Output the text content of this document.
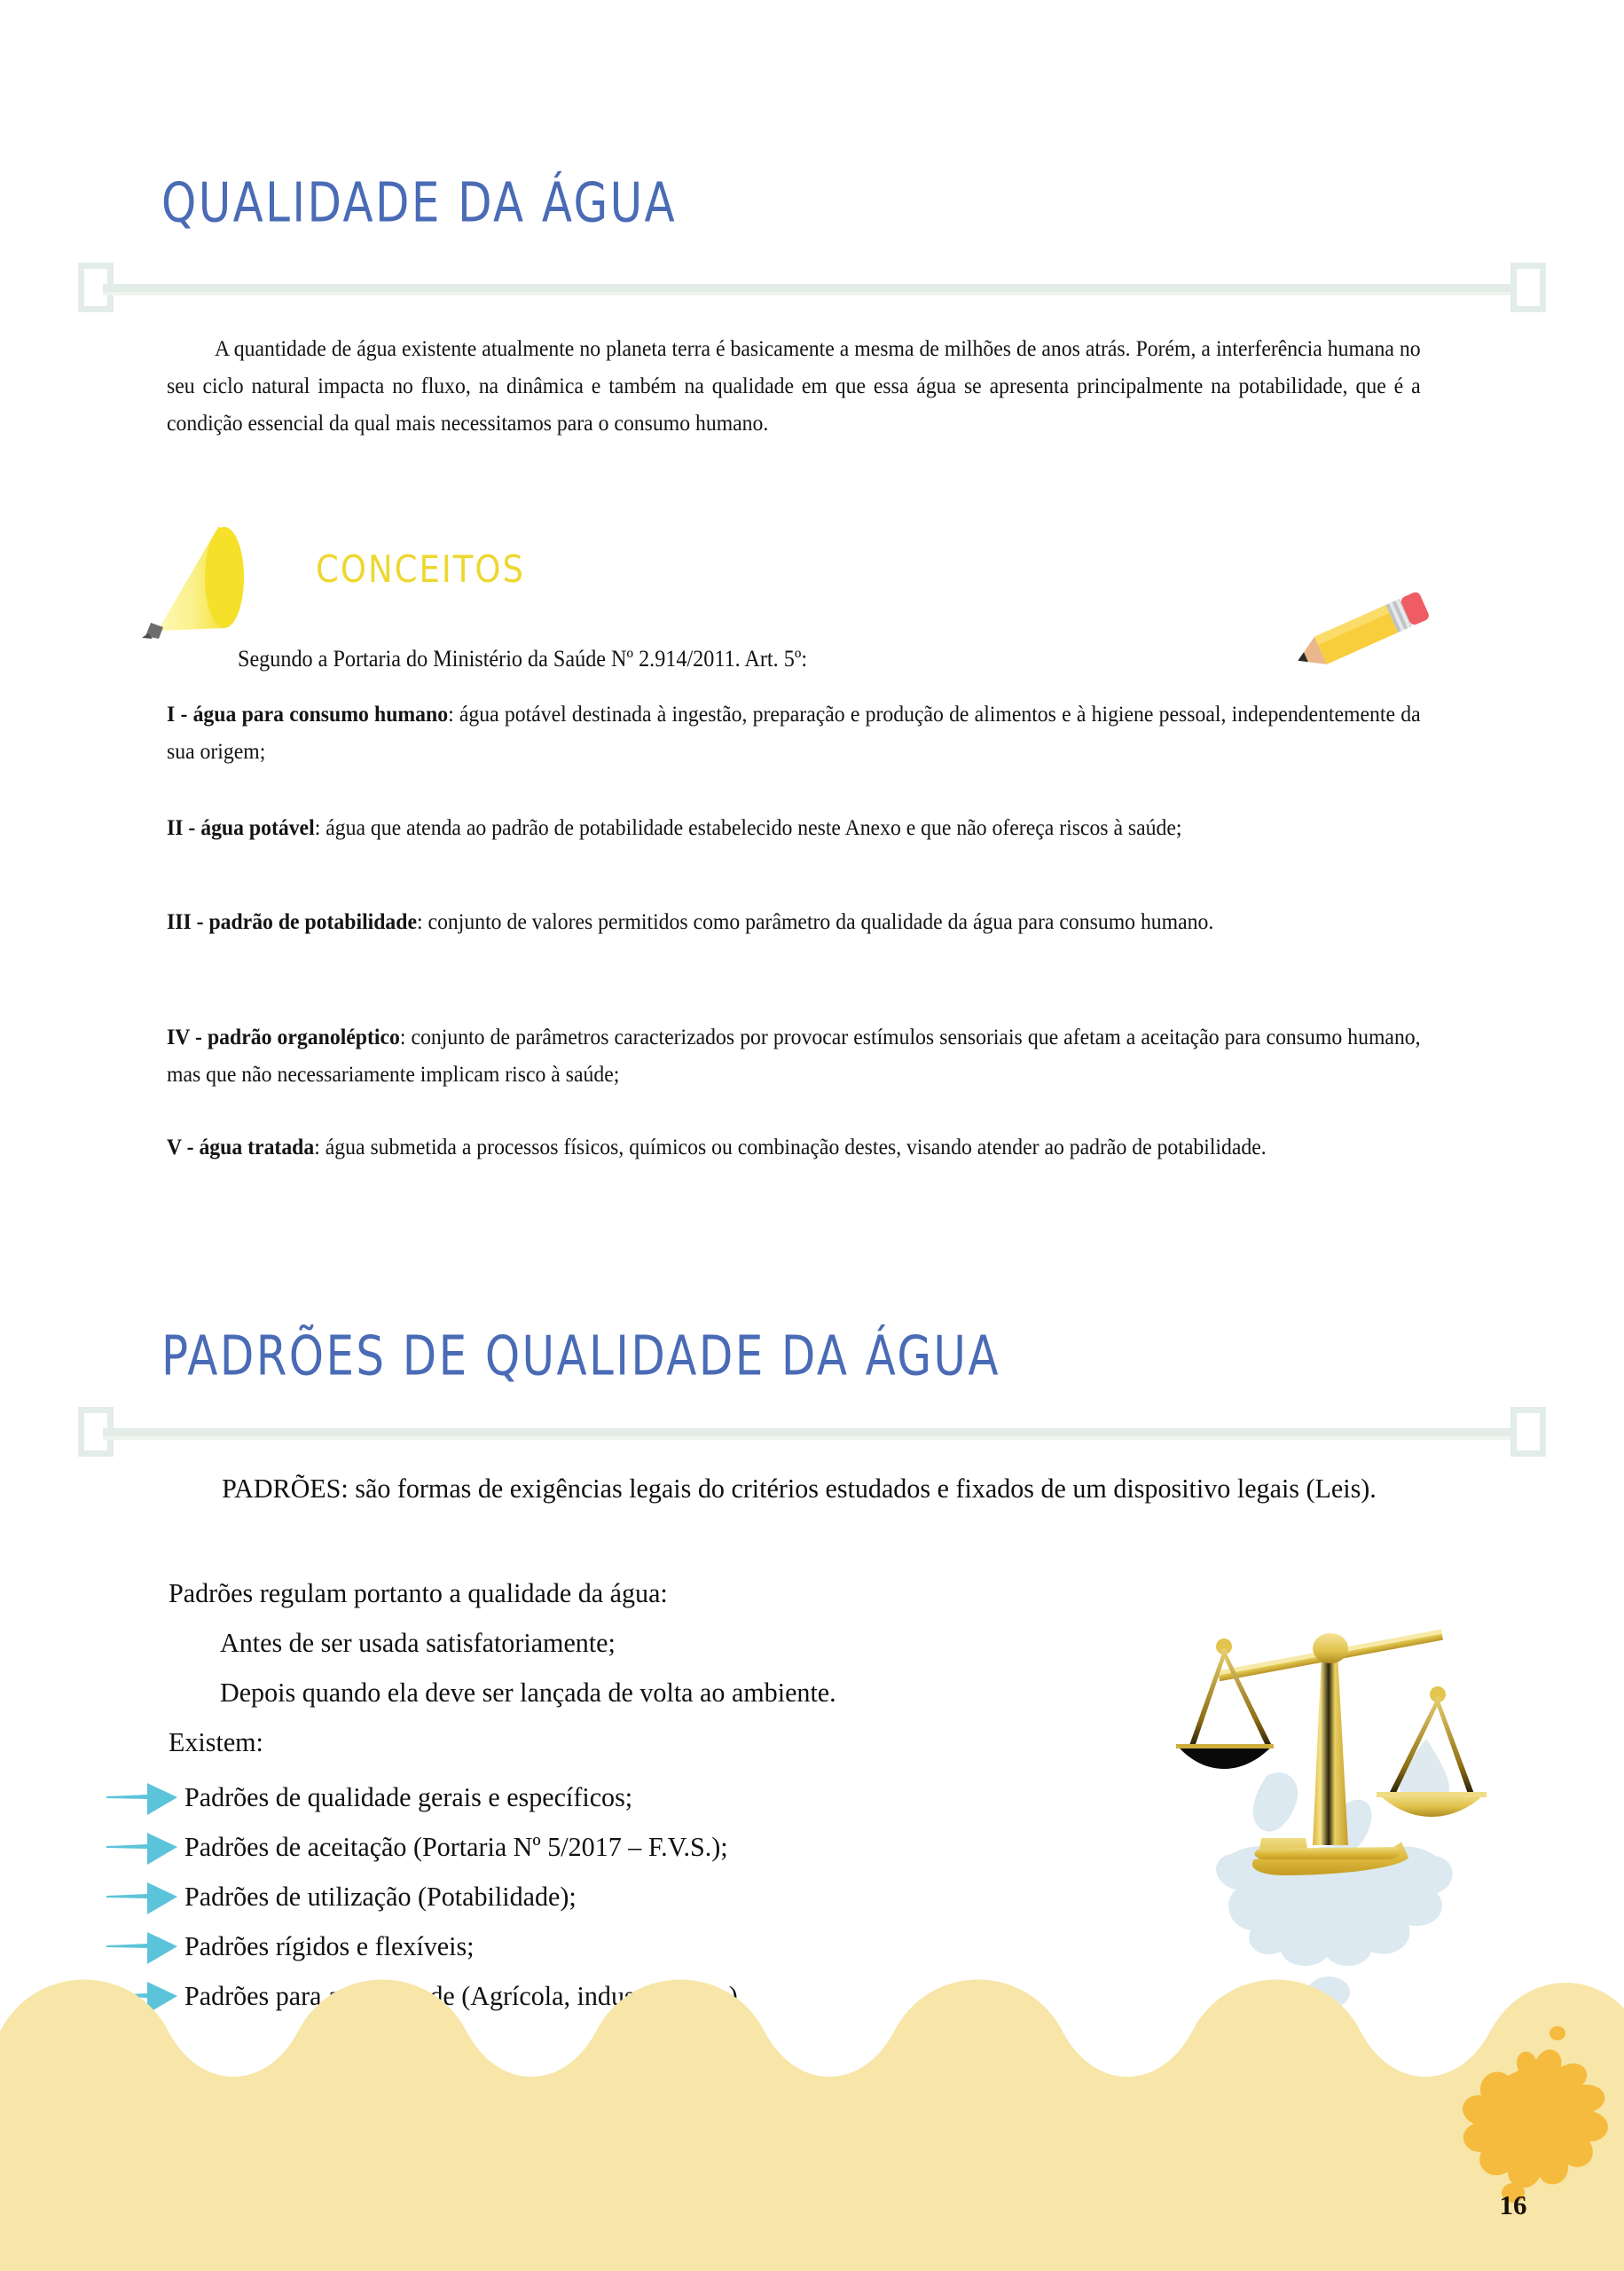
QUALIDADE DA ÁGUA
A quantidade de água existente atualmente no planeta terra é basicamente a mesma de milhões de anos atrás. Porém, a interferência humana no seu ciclo natural impacta no fluxo, na dinâmica e também na qualidade em que essa água se apresenta principalmente na potabilidade, que é a condição essencial da qual mais necessitamos para o consumo humano.
CONCEITOS
Segundo a Portaria do Ministério da Saúde Nº 2.914/2011. Art. 5º:
I - água para consumo humano: água potável destinada à ingestão, preparação e produção de alimentos e à higiene pessoal, independentemente da sua origem;
II - água potável: água que atenda ao padrão de potabilidade estabelecido neste Anexo e que não ofereça riscos à saúde;
III - padrão de potabilidade: conjunto de valores permitidos como parâmetro da qualidade da água para consumo humano.
IV - padrão organoléptico: conjunto de parâmetros caracterizados por provocar estímulos sensoriais que afetam a aceitação para consumo humano, mas que não necessariamente implicam risco à saúde;
V - água tratada: água submetida a processos físicos, químicos ou combinação destes, visando atender ao padrão de potabilidade.
PADRÕES DE QUALIDADE DA ÁGUA
PADRÕES: são formas de exigências legais do critérios estudados e fixados de um dispositivo legais (Leis).
Padrões regulam portanto a qualidade da água:
Antes de ser usada satisfatoriamente;
Depois quando ela deve ser lançada de volta ao ambiente.
Existem:
Padrões de qualidade gerais e específicos;
Padrões de aceitação (Portaria Nº 5/2017 – F.V.S.);
Padrões de utilização (Potabilidade);
Padrões rígidos e flexíveis;
Padrões para as atividade (Agrícola, industrial. etc.)
16
